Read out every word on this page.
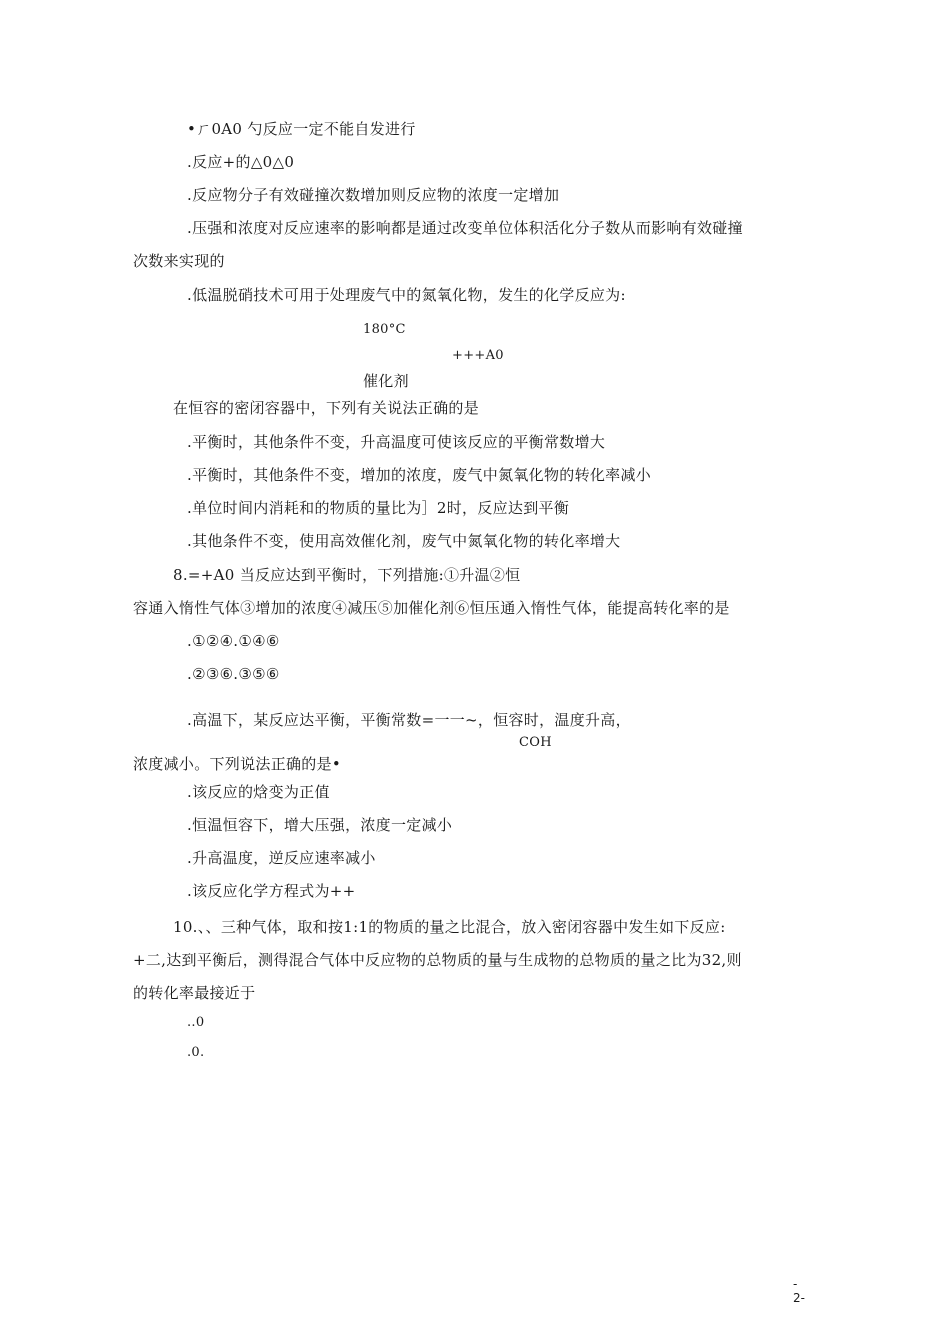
•ㄏ0A0 勺反应一定不能自发进行
.反应+的△0△0
.反应物分子有效碰撞次数增加则反应物的浓度一定增加
.压强和浓度对反应速率的影响都是通过改变单位体积活化分子数从而影响有效碰撞
次数来实现的
.低温脱硝技术可用于处理废气中的氮氧化物，发生的化学反应为:
180°C
+++A0
催化剂
在恒容的密闭容器中，下列有关说法正确的是
.平衡时，其他条件不变，升高温度可使该反应的平衡常数增大
.平衡时，其他条件不变，增加的浓度，废气中氮氧化物的转化率减小
.单位时间内消耗和的物质的量比为］2时，反应达到平衡
.其他条件不变，使用高效催化剂，废气中氮氧化物的转化率增大
8.=+A0 当反应达到平衡时，下列措施:①升温②恒
容通入惰性气体③增加的浓度④减压⑤加催化剂⑥恒压通入惰性气体，能提高转化率的是
.①②④.①④⑥
.②③⑥.③⑤⑥
.高温下，某反应达平衡，平衡常数=一一~，恒容时，温度升高，
COH
浓度减小。下列说法正确的是•
.该反应的焓变为正值
.恒温恒容下，增大压强，浓度一定减小
.升高温度，逆反应速率减小
.该反应化学方程式为++
10.、、三种气体，取和按1:1的物质的量之比混合，放入密闭容器中发生如下反应:
+二,达到平衡后，测得混合气体中反应物的总物质的量与生成物的总物质的量之比为32,则
的转化率最接近于
..0
.0.
-
2-
